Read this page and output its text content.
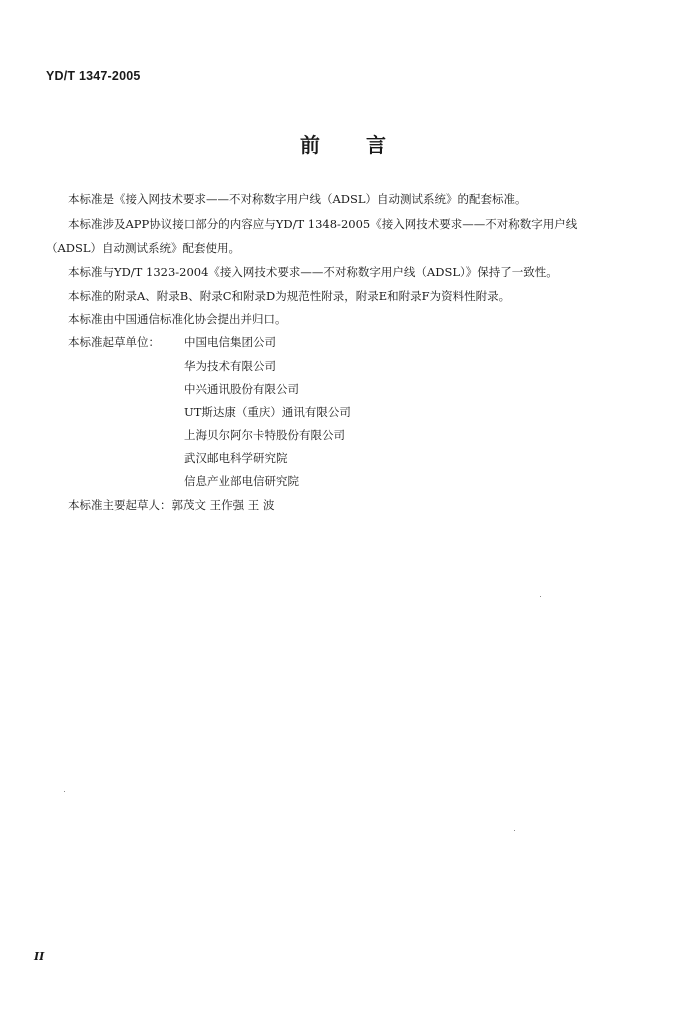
YD/T 1347-2005
前言
本标准是《接入网技术要求——不对称数字用户线（ADSL）自动测试系统》的配套标准。
本标准涉及APP协议接口部分的内容应与YD/T 1348-2005《接入网技术要求——不对称数字用户线
（ADSL）自动测试系统》配套使用。
本标准与YD/T 1323-2004《接入网技术要求——不对称数字用户线（ADSL）》保持了一致性。
本标准的附录A、附录B、附录C和附录D为规范性附录，附录E和附录F为资料性附录。
本标准由中国通信标准化协会提出并归口。
本标准起草单位： 中国电信集团公司
华为技术有限公司
中兴通讯股份有限公司
UT斯达康（重庆）通讯有限公司
上海贝尔阿尔卡特股份有限公司
武汉邮电科学研究院
信息产业部电信研究院
本标准主要起草人：郭茂文 王作强 王 波
II
